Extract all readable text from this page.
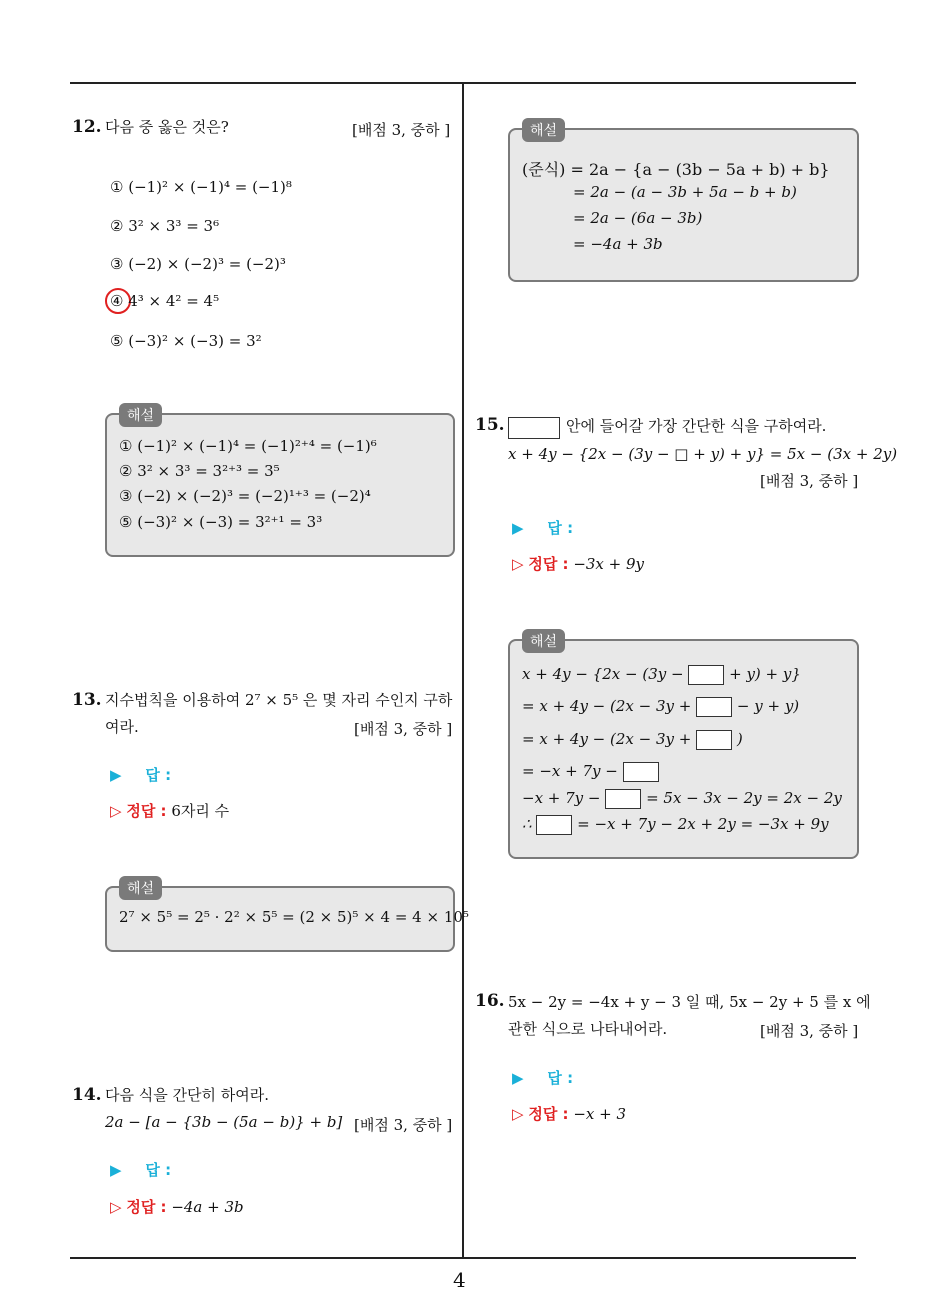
12. 다음 중 옳은 것은?	[배점 3, 중하 ]
① (−1)² × (−1)⁴ = (−1)⁸
② 3² × 3³ = 3⁶
③ (−2) × (−2)³ = (−2)³
④ 4³ × 4² = 4⁵
⑤ (−3)² × (−3) = 3²
해설
① (−1)² × (−1)⁴ = (−1)²⁺⁴ = (−1)⁶
② 3² × 3³ = 3²⁺³ = 3⁵
③ (−2) × (−2)³ = (−2)¹⁺³ = (−2)⁴
⑤ (−3)² × (−3) = 3²⁺¹ = 3³
13. 지수법칙을 이용하여 2⁷ × 5⁵ 은 몇 자리 수인지 구하
여라.	[배점 3, 중하 ]
▶ 답 :
▷ 정답 : 6자리 수
해설
2⁷ × 5⁵ = 2⁵ · 2² × 5⁵ = (2 × 5)⁵ × 4 = 4 × 10⁵
14. 다음 식을 간단히 하여라.
2a − [a − {3b − (5a − b)} + b] [배점 3, 중하 ]
▶ 답 :
▷ 정답 : −4a + 3b
해설
(준식) = 2a − {a − (3b − 5a + b) + b}
= 2a − (a − 3b + 5a − b + b)
= 2a − (6a − 3b)
= −4a + 3b
15.	안에 들어갈 가장 간단한 식을 구하여라.
x + 4y − {2x − (3y − □ + y) + y} = 5x − (3x + 2y)
[배점 3, 중하 ]
▶ 답 :
▷ 정답 : −3x + 9y
해설
x + 4y − {2x − (3y −	+ y) + y}
= x + 4y − (2x − 3y +	− y + y)
= x + 4y − (2x − 3y +	)
= −x + 7y −
−x + 7y −	= 5x − 3x − 2y = 2x − 2y
∴	= −x + 7y − 2x + 2y = −3x + 9y
16. 5x − 2y = −4x + y − 3 일 때, 5x − 2y + 5 를 x 에
관한 식으로 나타내어라.	[배점 3, 중하 ]
▶ 답 :
▷ 정답 : −x + 3
4
